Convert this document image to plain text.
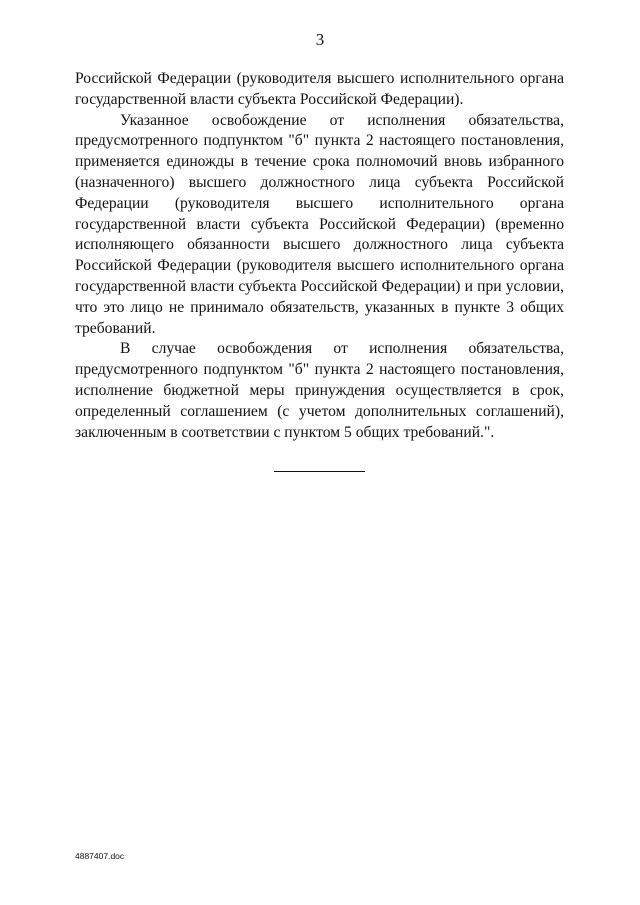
3
Российской Федерации (руководителя высшего исполнительного органа
государственной власти субъекта Российской Федерации).
Указанное освобождение от исполнения обязательства,
предусмотренного подпунктом "б" пункта 2 настоящего постановления,
применяется единожды в течение срока полномочий вновь избранного
(назначенного) высшего должностного лица субъекта Российской
Федерации (руководителя высшего исполнительного органа
государственной власти субъекта Российской Федерации) (временно
исполняющего обязанности высшего должностного лица субъекта
Российской Федерации (руководителя высшего исполнительного органа
государственной власти субъекта Российской Федерации) и при условии,
что это лицо не принимало обязательств, указанных в пункте 3 общих
требований.
В случае освобождения от исполнения обязательства,
предусмотренного подпунктом "б" пункта 2 настоящего постановления,
исполнение бюджетной меры принуждения осуществляется в срок,
определенный соглашением (с учетом дополнительных соглашений),
заключенным в соответствии с пунктом 5 общих требований.".
4887407.doc
